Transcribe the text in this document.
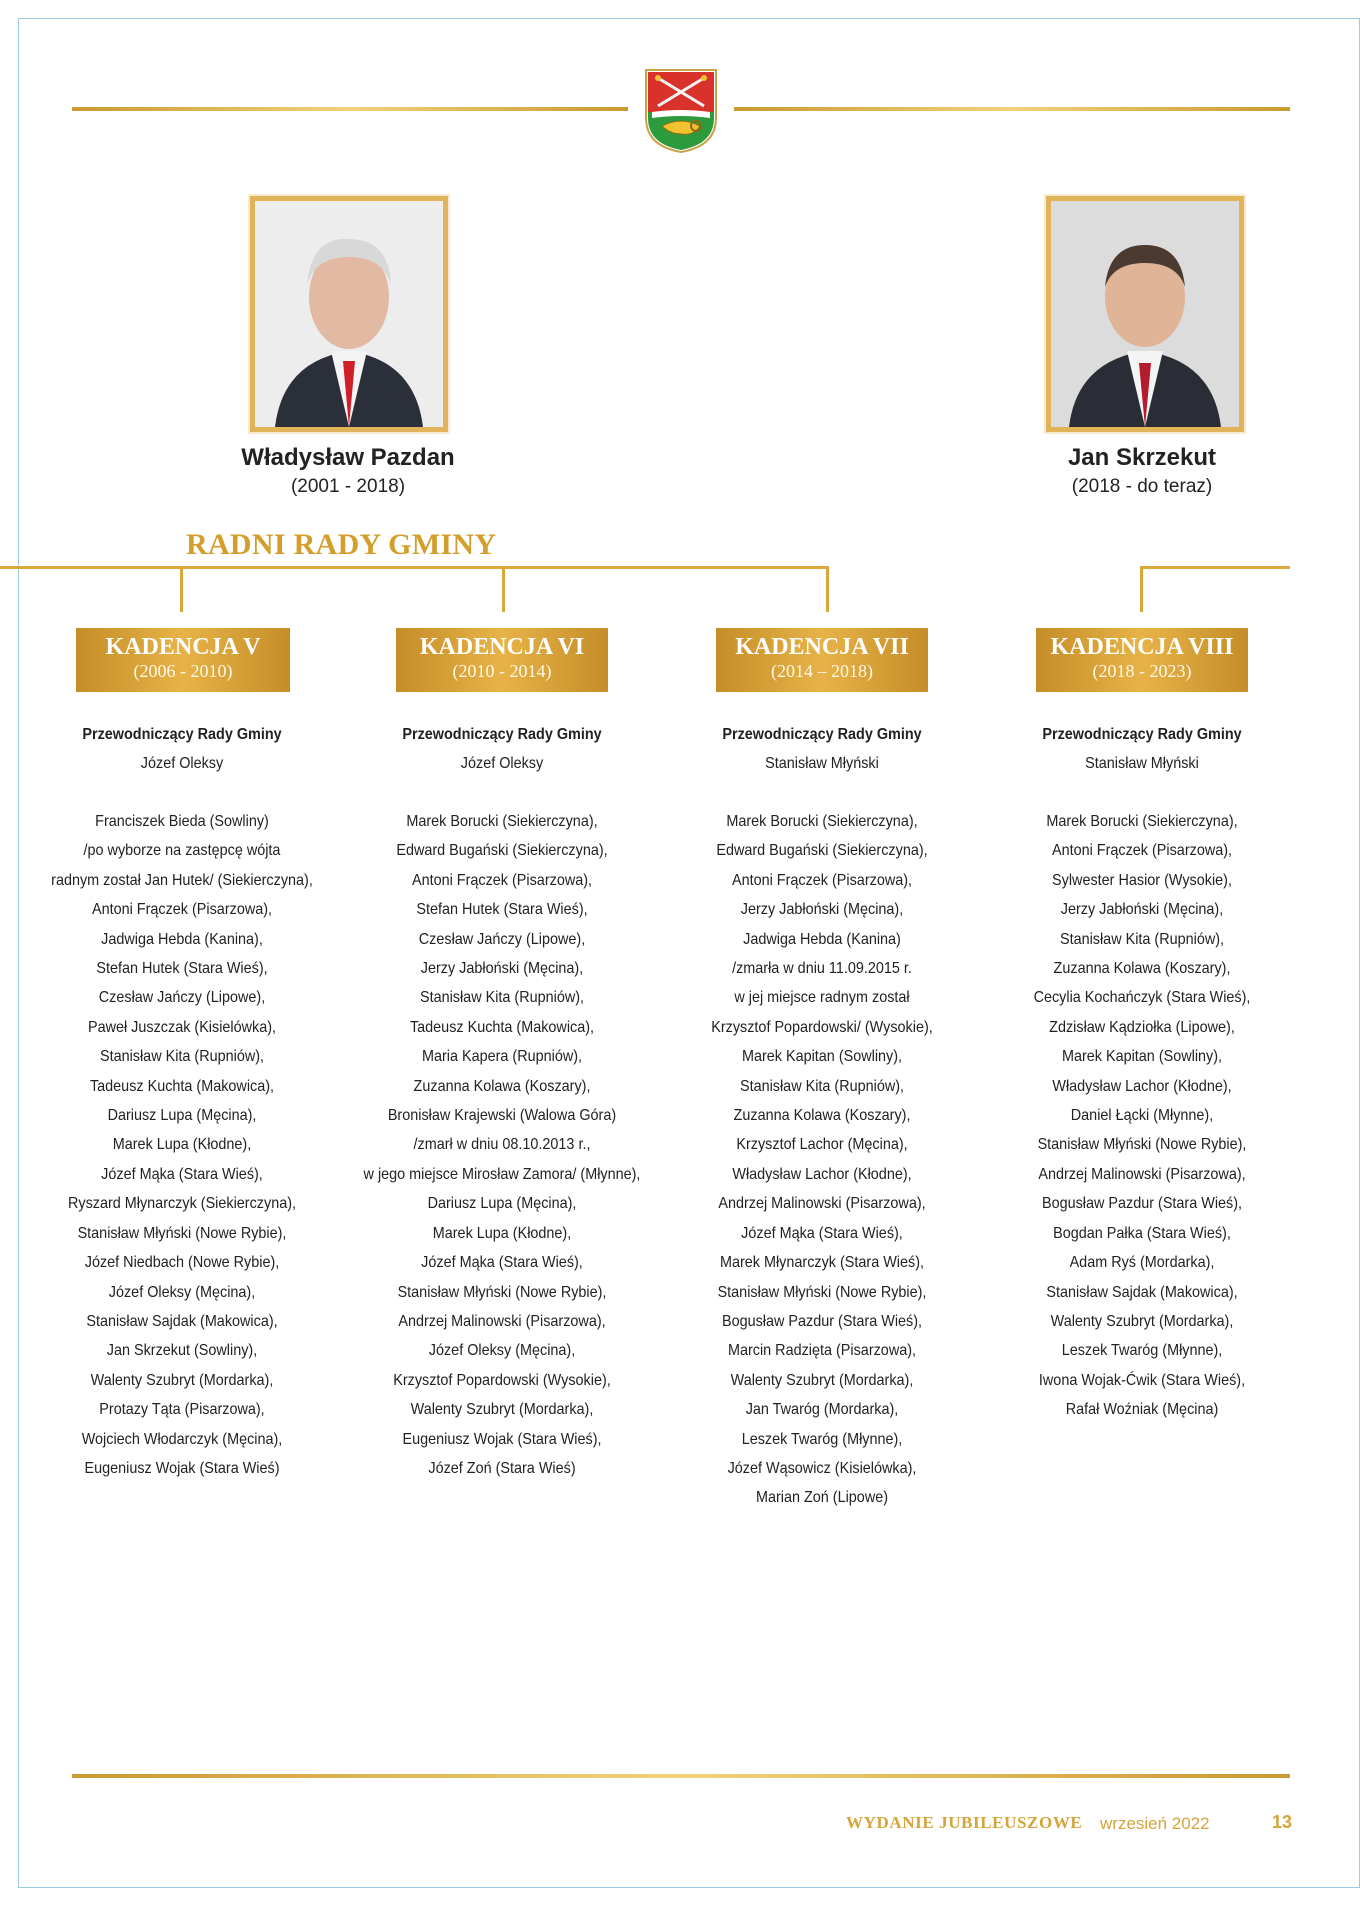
Władysław Pazdan
(2001 - 2018)
Jan Skrzekut
(2018 - do teraz)
RADNI RADY GMINY
KADENCJA V
(2006 - 2010)
KADENCJA VI
(2010 - 2014)
KADENCJA VII
(2014 – 2018)
KADENCJA VIII
(2018 - 2023)
Przewodniczący Rady Gminy
Józef Oleksy
Franciszek Bieda (Sowliny)
/po wyborze na zastępcę wójta
radnym został Jan Hutek/ (Siekierczyna),
Antoni Frączek (Pisarzowa),
Jadwiga Hebda (Kanina),
Stefan Hutek (Stara Wieś),
Czesław Jańczy (Lipowe),
Paweł Juszczak (Kisielówka),
Stanisław Kita (Rupniów),
Tadeusz Kuchta (Makowica),
Dariusz Lupa (Męcina),
Marek Lupa (Kłodne),
Józef Mąka (Stara Wieś),
Ryszard Młynarczyk (Siekierczyna),
Stanisław Młyński (Nowe Rybie),
Józef Niedbach (Nowe Rybie),
Józef Oleksy (Męcina),
Stanisław Sajdak (Makowica),
Jan Skrzekut (Sowliny),
Walenty Szubryt (Mordarka),
Protazy Tąta (Pisarzowa),
Wojciech Włodarczyk (Męcina),
Eugeniusz Wojak (Stara Wieś)
Przewodniczący Rady Gminy
Józef Oleksy
Marek Borucki (Siekierczyna),
Edward Bugański (Siekierczyna),
Antoni Frączek (Pisarzowa),
Stefan Hutek (Stara Wieś),
Czesław Jańczy (Lipowe),
Jerzy Jabłoński (Męcina),
Stanisław Kita (Rupniów),
Tadeusz Kuchta (Makowica),
Maria Kapera (Rupniów),
Zuzanna Kolawa (Koszary),
Bronisław Krajewski (Walowa Góra)
/zmarł w dniu 08.10.2013 r.,
w jego miejsce Mirosław Zamora/ (Młynne),
Dariusz Lupa (Męcina),
Marek Lupa (Kłodne),
Józef Mąka (Stara Wieś),
Stanisław Młyński (Nowe Rybie),
Andrzej Malinowski (Pisarzowa),
Józef Oleksy (Męcina),
Krzysztof Popardowski (Wysokie),
Walenty Szubryt (Mordarka),
Eugeniusz Wojak (Stara Wieś),
Józef Zoń (Stara Wieś)
Przewodniczący Rady Gminy
Stanisław Młyński
Marek Borucki (Siekierczyna),
Edward Bugański (Siekierczyna),
Antoni Frączek (Pisarzowa),
Jerzy Jabłoński (Męcina),
Jadwiga Hebda (Kanina)
/zmarła w dniu 11.09.2015 r.
w jej miejsce radnym został
Krzysztof Popardowski/ (Wysokie),
Marek Kapitan (Sowliny),
Stanisław Kita (Rupniów),
Zuzanna Kolawa (Koszary),
Krzysztof Lachor (Męcina),
Władysław Lachor (Kłodne),
Andrzej Malinowski (Pisarzowa),
Józef Mąka (Stara Wieś),
Marek Młynarczyk (Stara Wieś),
Stanisław Młyński (Nowe Rybie),
Bogusław Pazdur (Stara Wieś),
Marcin Radzięta (Pisarzowa),
Walenty Szubryt (Mordarka),
Jan Twaróg (Mordarka),
Leszek Twaróg (Młynne),
Józef Wąsowicz (Kisielówka),
Marian Zoń (Lipowe)
Przewodniczący Rady Gminy
Stanisław Młyński
Marek Borucki (Siekierczyna),
Antoni Frączek (Pisarzowa),
Sylwester Hasior (Wysokie),
Jerzy Jabłoński (Męcina),
Stanisław Kita (Rupniów),
Zuzanna Kolawa (Koszary),
Cecylia Kochańczyk (Stara Wieś),
Zdzisław Kądziołka (Lipowe),
Marek Kapitan (Sowliny),
Władysław Lachor (Kłodne),
Daniel Łącki (Młynne),
Stanisław Młyński (Nowe Rybie),
Andrzej Malinowski (Pisarzowa),
Bogusław Pazdur (Stara Wieś),
Bogdan Pałka (Stara Wieś),
Adam Ryś (Mordarka),
Stanisław Sajdak (Makowica),
Walenty Szubryt (Mordarka),
Leszek Twaróg (Młynne),
Iwona Wojak-Ćwik (Stara Wieś),
Rafał Woźniak (Męcina)
WYDANIE JUBILEUSZOWE wrzesień 2022	13
